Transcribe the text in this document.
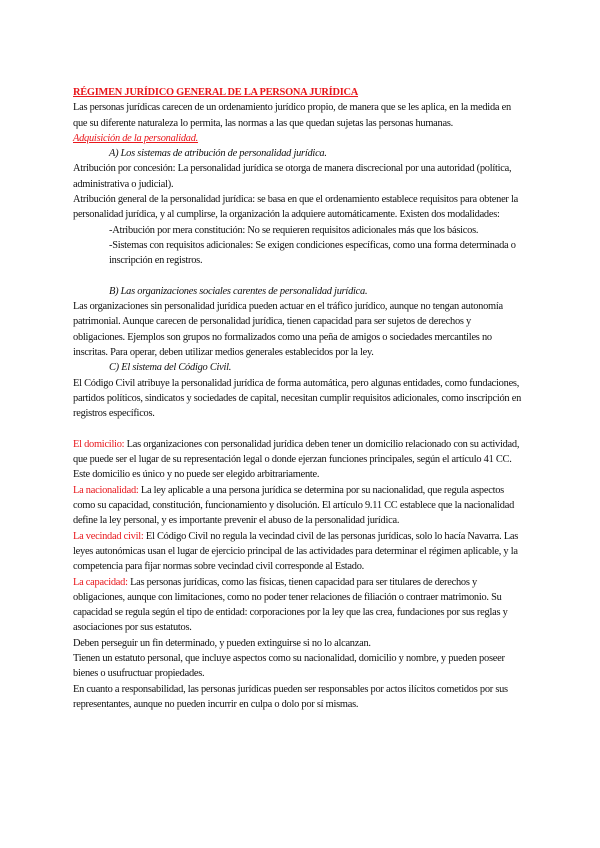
RÉGIMEN JURÍDICO GENERAL DE LA PERSONA JURÍDICA

Las personas jurídicas carecen de un ordenamiento jurídico propio, de manera que se les aplica, en la medida en que su diferente naturaleza lo permita, las normas a las que quedan sujetas las personas humanas.

Adquisición de la personalidad.

A) Los sistemas de atribución de personalidad jurídica.

Atribución por concesión: La personalidad jurídica se otorga de manera discrecional por una autoridad (política, administrativa o judicial).

Atribución general de la personalidad jurídica: se basa en que el ordenamiento establece requisitos para obtener la personalidad jurídica, y al cumplirse, la organización la adquiere automáticamente. Existen dos modalidades:

-Atribución por mera constitución: No se requieren requisitos adicionales más que los básicos.

-Sistemas con requisitos adicionales: Se exigen condiciones específicas, como una forma determinada o inscripción en registros.

B) Las organizaciones sociales carentes de personalidad jurídica.

Las organizaciones sin personalidad jurídica pueden actuar en el tráfico jurídico, aunque no tengan autonomía patrimonial. Aunque carecen de personalidad jurídica, tienen capacidad para ser sujetos de derechos y obligaciones. Ejemplos son grupos no formalizados como una peña de amigos o sociedades mercantiles no inscritas. Para operar, deben utilizar medios generales establecidos por la ley.

C) El sistema del Código Civil.

El Código Civil atribuye la personalidad jurídica de forma automática, pero algunas entidades, como fundaciones, partidos políticos, sindicatos y sociedades de capital, necesitan cumplir requisitos adicionales, como inscripción en registros específicos.

El domicilio: Las organizaciones con personalidad jurídica deben tener un domicilio relacionado con su actividad, que puede ser el lugar de su representación legal o donde ejerzan funciones principales, según el artículo 41 CC. Este domicilio es único y no puede ser elegido arbitrariamente.

La nacionalidad: La ley aplicable a una persona jurídica se determina por su nacionalidad, que regula aspectos como su capacidad, constitución, funcionamiento y disolución. El artículo 9.11 CC establece que la nacionalidad define la ley personal, y es importante prevenir el abuso de la personalidad jurídica.

La vecindad civil: El Código Civil no regula la vecindad civil de las personas jurídicas, solo lo hacía Navarra. Las leyes autonómicas usan el lugar de ejercicio principal de las actividades para determinar el régimen aplicable, y la competencia para fijar normas sobre vecindad civil corresponde al Estado.

La capacidad: Las personas jurídicas, como las físicas, tienen capacidad para ser titulares de derechos y obligaciones, aunque con limitaciones, como no poder tener relaciones de filiación o contraer matrimonio. Su capacidad se regula según el tipo de entidad: corporaciones por la ley que las crea, fundaciones por sus reglas y asociaciones por sus estatutos.

Deben perseguir un fin determinado, y pueden extinguirse si no lo alcanzan.

Tienen un estatuto personal, que incluye aspectos como su nacionalidad, domicilio y nombre, y pueden poseer bienes o usufructuar propiedades.

En cuanto a responsabilidad, las personas jurídicas pueden ser responsables por actos ilícitos cometidos por sus representantes, aunque no pueden incurrir en culpa o dolo por sí mismas.
